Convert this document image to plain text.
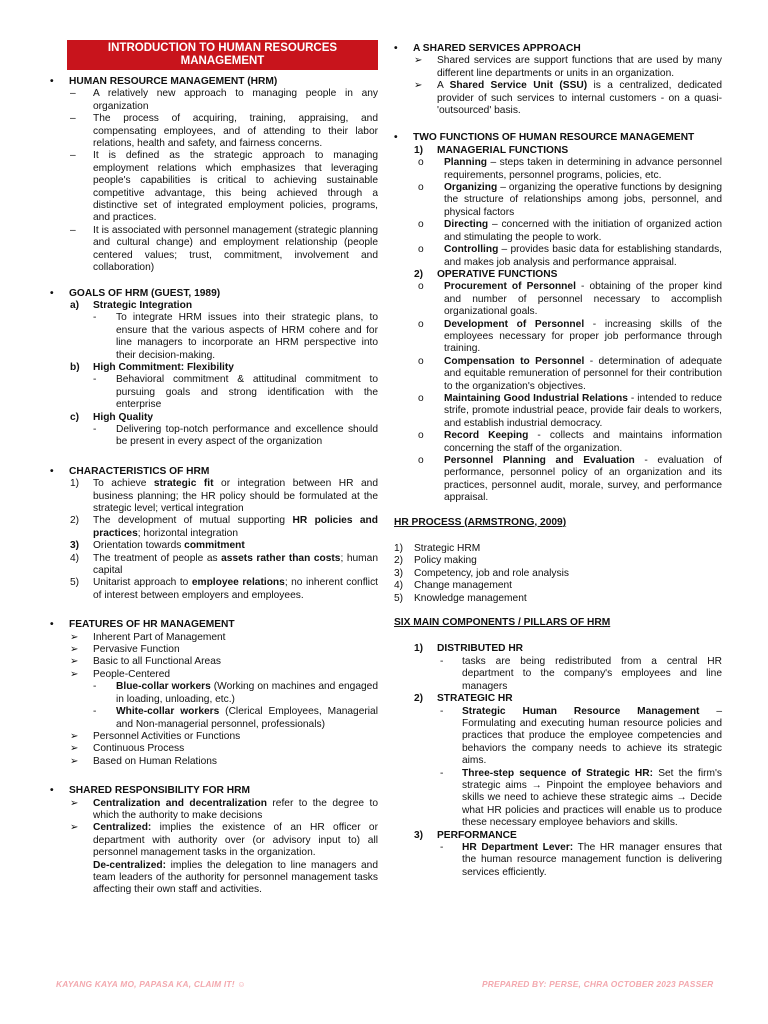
INTRODUCTION TO HUMAN RESOURCES MANAGEMENT
• HUMAN RESOURCE MANAGEMENT (HRM)
– A relatively new approach to managing people in any organization
– The process of acquiring, training, appraising, and compensating employees, and of attending to their labor relations, health and safety, and fairness concerns.
– It is defined as the strategic approach to managing employment relations which emphasizes that leveraging people's capabilities is critical to achieving sustainable competitive advantage, this being achieved through a distinctive set of integrated employment policies, programs, and practices.
– It is associated with personnel management (strategic planning and cultural change) and employment relationship (people centered values; trust, commitment, involvement and collaboration)
• GOALS OF HRM (GUEST, 1989)
a) Strategic Integration
- To integrate HRM issues into their strategic plans, to ensure that the various aspects of HRM cohere and for line managers to incorporate an HRM perspective into their decision-making.
b) High Commitment: Flexibility
- Behavioral commitment & attitudinal commitment to pursuing goals and strong identification with the enterprise
c) High Quality
- Delivering top-notch performance and excellence should be present in every aspect of the organization
• CHARACTERISTICS OF HRM
1) To achieve strategic fit or integration between HR and business planning; the HR policy should be formulated at the strategic level; vertical integration
2) The development of mutual supporting HR policies and practices; horizontal integration
3) Orientation towards commitment
4) The treatment of people as assets rather than costs; human capital
5) Unitarist approach to employee relations; no inherent conflict of interest between employers and employees.
• FEATURES OF HR MANAGEMENT
➢ Inherent Part of Management
➢ Pervasive Function
➢ Basic to all Functional Areas
➢ People-Centered
- Blue-collar workers (Working on machines and engaged in loading, unloading, etc.)
- White-collar workers (Clerical Employees, Managerial and Non-managerial personnel, professionals)
➢ Personnel Activities or Functions
➢ Continuous Process
➢ Based on Human Relations
• SHARED RESPONSIBILITY FOR HRM
➢ Centralization and decentralization refer to the degree to which the authority to make decisions
➢ Centralized: implies the existence of an HR officer or department with authority over (or advisory input to) all personnel management tasks in the organization.
De-centralized: implies the delegation to line managers and team leaders of the authority for personnel management tasks affecting their own staff and activities.
• A SHARED SERVICES APPROACH
➢ Shared services are support functions that are used by many different line departments or units in an organization.
➢ A Shared Service Unit (SSU) is a centralized, dedicated provider of such services to internal customers - on a quasi-'outsourced' basis.
• TWO FUNCTIONS OF HUMAN RESOURCE MANAGEMENT
1) MANAGERIAL FUNCTIONS
o Planning – steps taken in determining in advance personnel requirements, personnel programs, policies, etc.
o Organizing – organizing the operative functions by designing the structure of relationships among jobs, personnel, and physical factors
o Directing – concerned with the initiation of organized action and stimulating the people to work.
o Controlling – provides basic data for establishing standards, and makes job analysis and performance appraisal.
2) OPERATIVE FUNCTIONS
o Procurement of Personnel - obtaining of the proper kind and number of personnel necessary to accomplish organizational goals.
o Development of Personnel - increasing skills of the employees necessary for proper job performance through training.
o Compensation to Personnel - determination of adequate and equitable remuneration of personnel for their contribution to the organization's objectives.
o Maintaining Good Industrial Relations - intended to reduce strife, promote industrial peace, provide fair deals to workers, and establish industrial democracy.
o Record Keeping - collects and maintains information concerning the staff of the organization.
o Personnel Planning and Evaluation - evaluation of performance, personnel policy of an organization and its practices, personnel audit, morale, survey, and performance appraisal.
HR PROCESS (ARMSTRONG, 2009)
1) Strategic HRM
2) Policy making
3) Competency, job and role analysis
4) Change management
5) Knowledge management
SIX MAIN COMPONENTS / PILLARS OF HRM
1) DISTRIBUTED HR
- tasks are being redistributed from a central HR department to the company's employees and line managers
2) STRATEGIC HR
- Strategic Human Resource Management – Formulating and executing human resource policies and practices that produce the employee competencies and behaviors the company needs to achieve its strategic aims.
- Three-step sequence of Strategic HR: Set the firm's strategic aims → Pinpoint the employee behaviors and skills we need to achieve these strategic aims → Decide what HR policies and practices will enable us to produce these necessary employee behaviors and skills.
3) PERFORMANCE
- HR Department Lever: The HR manager ensures that the human resource management function is delivering services efficiently.
KAYANG KAYA MO, PAPASA KA, CLAIM IT! ☺	PREPARED BY: PERSE, CHRA OCTOBER 2023 PASSER
